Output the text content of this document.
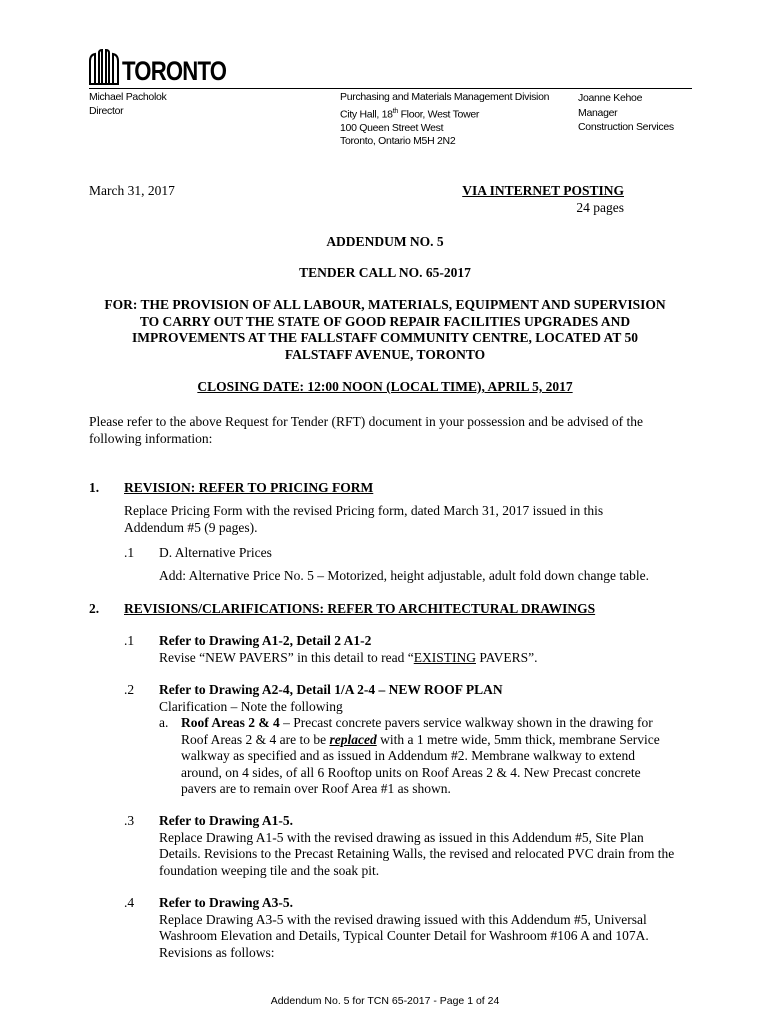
TORONTO
Michael Pacholok
Director
Purchasing and Materials Management Division
City Hall, 18th Floor, West Tower
100 Queen Street West
Toronto, Ontario M5H 2N2
Joanne Kehoe
Manager
Construction Services
March 31, 2017	VIA INTERNET POSTING
24 pages
ADDENDUM NO. 5
TENDER CALL NO. 65-2017
FOR: THE PROVISION OF ALL LABOUR, MATERIALS, EQUIPMENT AND SUPERVISION
TO CARRY OUT THE STATE OF GOOD REPAIR FACILITIES UPGRADES AND
IMPROVEMENTS AT THE FALLSTAFF COMMUNITY CENTRE, LOCATED AT 50
FALSTAFF AVENUE, TORONTO
CLOSING DATE: 12:00 NOON (LOCAL TIME), APRIL 5, 2017
Please refer to the above Request for Tender (RFT) document in your possession and be advised of the following information:
1. REVISION: REFER TO PRICING FORM
Replace Pricing Form with the revised Pricing form, dated March 31, 2017 issued in this Addendum #5 (9 pages).
.1 D. Alternative Prices
Add: Alternative Price No. 5 – Motorized, height adjustable, adult fold down change table.
2. REVISIONS/CLARIFICATIONS: REFER TO ARCHITECTURAL DRAWINGS
.1 Refer to Drawing A1-2, Detail 2 A1-2
Revise “NEW PAVERS” in this detail to read “EXISTING PAVERS”.
.2 Refer to Drawing A2-4, Detail 1/A 2-4 – NEW ROOF PLAN
Clarification – Note the following
a. Roof Areas 2 & 4 – Precast concrete pavers service walkway shown in the drawing for Roof Areas 2 & 4 are to be replaced with a 1 metre wide, 5mm thick, membrane Service walkway as specified and as issued in Addendum #2. Membrane walkway to extend around, on 4 sides, of all 6 Rooftop units on Roof Areas 2 & 4. New Precast concrete pavers are to remain over Roof Area #1 as shown.
.3 Refer to Drawing A1-5.
Replace Drawing A1-5 with the revised drawing as issued in this Addendum #5, Site Plan Details. Revisions to the Precast Retaining Walls, the revised and relocated PVC drain from the foundation weeping tile and the soak pit.
.4 Refer to Drawing A3-5.
Replace Drawing A3-5 with the revised drawing issued with this Addendum #5, Universal Washroom Elevation and Details, Typical Counter Detail for Washroom #106 A and 107A. Revisions as follows:
Addendum No. 5 for TCN 65-2017 - Page 1 of 24
